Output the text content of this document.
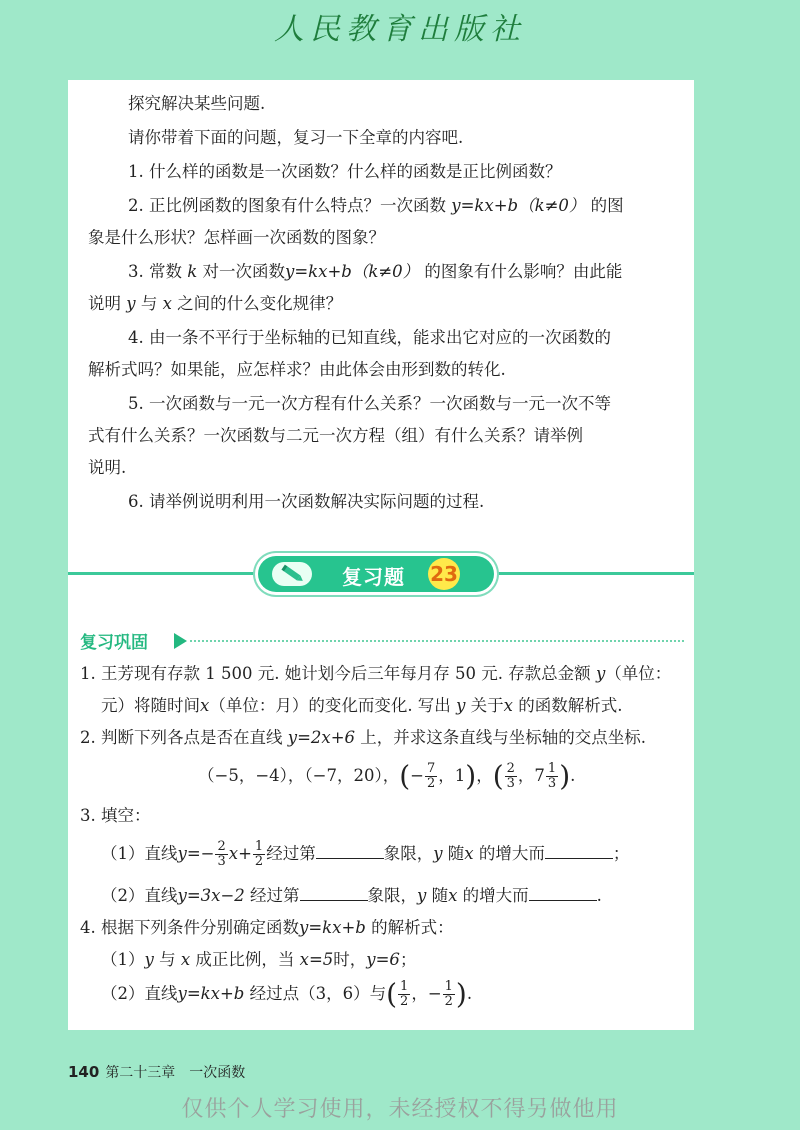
人民教育出版社
探究解决某些问题.
请你带着下面的问题，复习一下全章的内容吧.
1. 什么样的函数是一次函数？什么样的函数是正比例函数？
2. 正比例函数的图象有什么特点？一次函数 y=kx+b（k≠0） 的图
象是什么形状？怎样画一次函数的图象？
3. 常数 k 对一次函数y=kx+b（k≠0） 的图象有什么影响？由此能
说明 y 与 x 之间的什么变化规律？
4. 由一条不平行于坐标轴的已知直线，能求出它对应的一次函数的
解析式吗？如果能，应怎样求？由此体会由形到数的转化.
5. 一次函数与一元一次方程有什么关系？一次函数与一元一次不等
式有什么关系？一次函数与二元一次方程（组）有什么关系？请举例
说明.
6. 请举例说明利用一次函数解决实际问题的过程.
复习题 23
复习巩固
1. 王芳现有存款 1 500 元. 她计划今后三年每月存 50 元. 存款总金额 y（单位：
元）将随时间x（单位：月）的变化而变化. 写出 y 关于x 的函数解析式.
2. 判断下列各点是否在直线 y=2x+6 上，并求这条直线与坐标轴的交点坐标.
（−5，−4），（−7，20），(− $\frac{7}{2}$ ，1)，( $\frac{2}{3}$ ，$7 \frac{1}{3}$ ).
3. 填空：
（1）直线$y=- \frac{2}{3} x+ \frac{1}{2}$ 经过第	象限，y 随x 的增大而	；
（2）直线y=3x−2 经过第	象限，y 随x 的增大而	.
4. 根据下列条件分别确定函数y=kx+b 的解析式：
（1）y 与 x 成正比例，当 x=5时，y=6；
（2）直线y=kx+b 经过点（3，6）与( $\frac{1}{2}$ ，− $\frac{1}{2}$ ).
140 第二十三章　一次函数
仅供个人学习使用，未经授权不得另做他用
